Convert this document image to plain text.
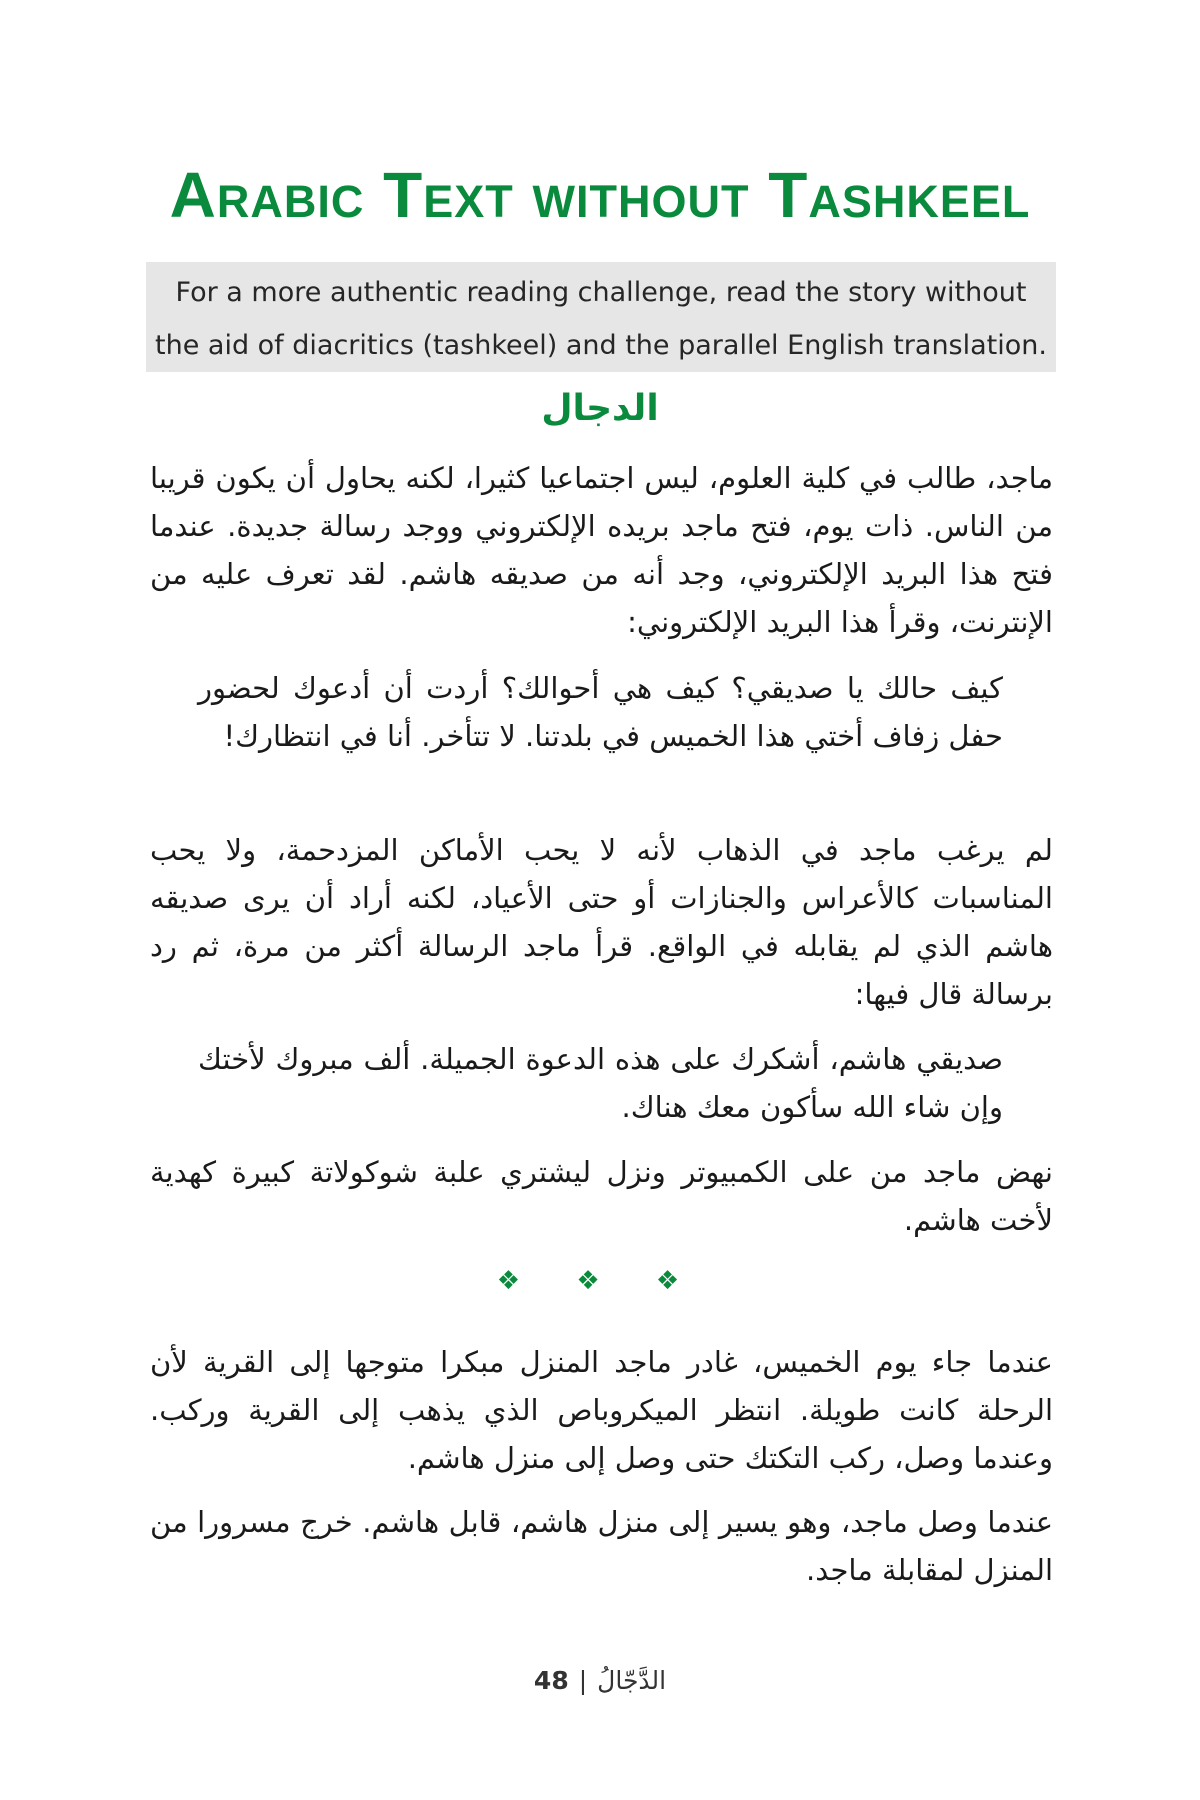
Arabic Text without Tashkeel
For a more authentic reading challenge, read the story without the aid of diacritics (tashkeel) and the parallel English translation.
الدجال

ماجد، طالب في كلية العلوم، ليس اجتماعيا كثيرا، لكنه يحاول أن يكون قريبا من الناس. ذات يوم، فتح ماجد بريده الإلكتروني ووجد رسالة جديدة. عندما فتح هذا البريد الإلكتروني، وجد أنه من صديقه هاشم. لقد تعرف عليه من الإنترنت، وقرأ هذا البريد الإلكتروني:

كيف حالك يا صديقي؟ كيف هي أحوالك؟ أردت أن أدعوك لحضور حفل زفاف أختي هذا الخميس في بلدتنا. لا تتأخر. أنا في انتظارك!

لم يرغب ماجد في الذهاب لأنه لا يحب الأماكن المزدحمة، ولا يحب المناسبات كالأعراس والجنازات أو حتى الأعياد، لكنه أراد أن يرى صديقه هاشم الذي لم يقابله في الواقع. قرأ ماجد الرسالة أكثر من مرة، ثم رد برسالة قال فيها:

صديقي هاشم، أشكرك على هذه الدعوة الجميلة. ألف مبروك لأختك وإن شاء الله سأكون معك هناك.

نهض ماجد من على الكمبيوتر ونزل ليشتري علبة شوكولاتة كبيرة كهدية لأخت هاشم.

❖ ❖ ❖

عندما جاء يوم الخميس، غادر ماجد المنزل مبكرا متوجها إلى القرية لأن الرحلة كانت طويلة. انتظر الميكروباص الذي يذهب إلى القرية وركب. وعندما وصل، ركب التكتك حتى وصل إلى منزل هاشم.

عندما وصل ماجد، وهو يسير إلى منزل هاشم، قابل هاشم. خرج مسرورا من المنزل لمقابلة ماجد.

48 | الدَّجّالُ
